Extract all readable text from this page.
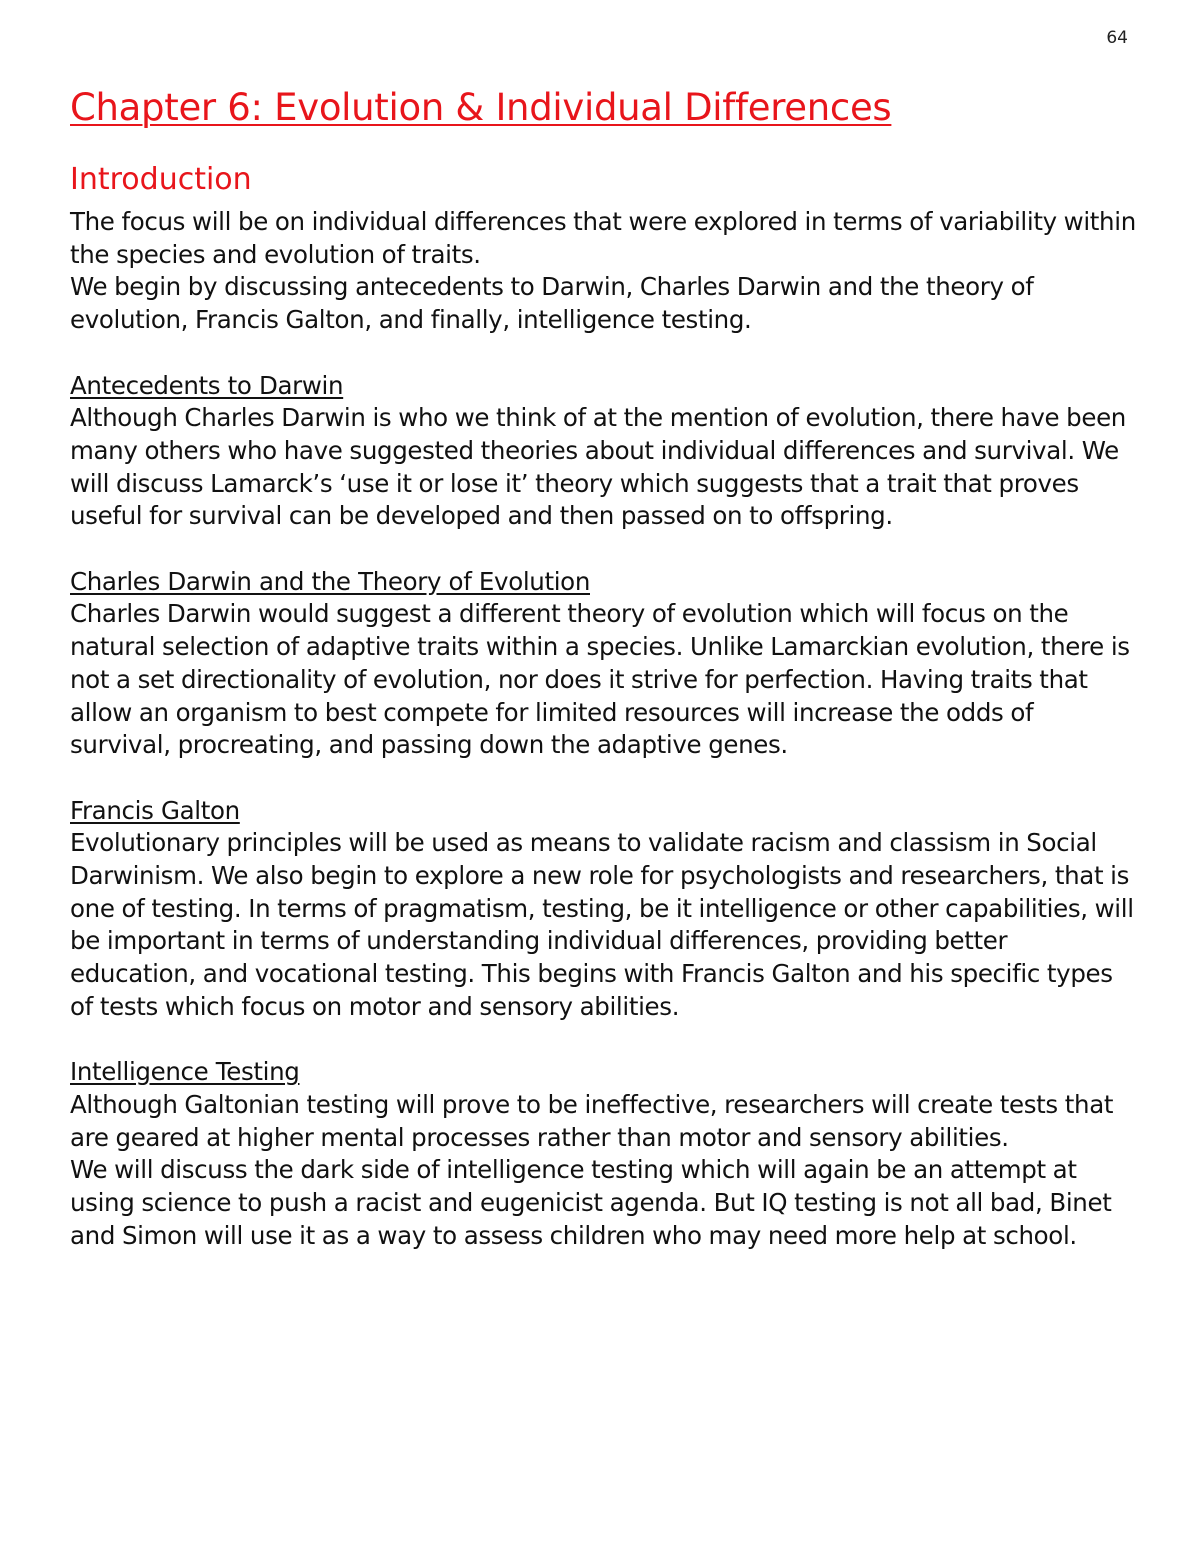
64
Chapter 6: Evolution & Individual Differences
Introduction

The focus will be on individual differences that were explored in terms of variability within the species and evolution of traits.

We begin by discussing antecedents to Darwin, Charles Darwin and the theory of evolution, Francis Galton, and finally, intelligence testing.

Antecedents to Darwin

Although Charles Darwin is who we think of at the mention of evolution, there have been many others who have suggested theories about individual differences and survival. We will discuss Lamarck’s ‘use it or lose it’ theory which suggests that a trait that proves useful for survival can be developed and then passed on to offspring.

Charles Darwin and the Theory of Evolution

Charles Darwin would suggest a different theory of evolution which will focus on the natural selection of adaptive traits within a species. Unlike Lamarckian evolution, there is not a set directionality of evolution, nor does it strive for perfection. Having traits that allow an organism to best compete for limited resources will increase the odds of survival, procreating, and passing down the adaptive genes.

Francis Galton

Evolutionary principles will be used as means to validate racism and classism in Social Darwinism. We also begin to explore a new role for psychologists and researchers, that is one of testing. In terms of pragmatism, testing, be it intelligence or other capabilities, will be important in terms of understanding individual differences, providing better education, and vocational testing. This begins with Francis Galton and his specific types of tests which focus on motor and sensory abilities.

Intelligence Testing

Although Galtonian testing will prove to be ineffective, researchers will create tests that are geared at higher mental processes rather than motor and sensory abilities.

We will discuss the dark side of intelligence testing which will again be an attempt at using science to push a racist and eugenicist agenda. But IQ testing is not all bad, Binet and Simon will use it as a way to assess children who may need more help at school.
